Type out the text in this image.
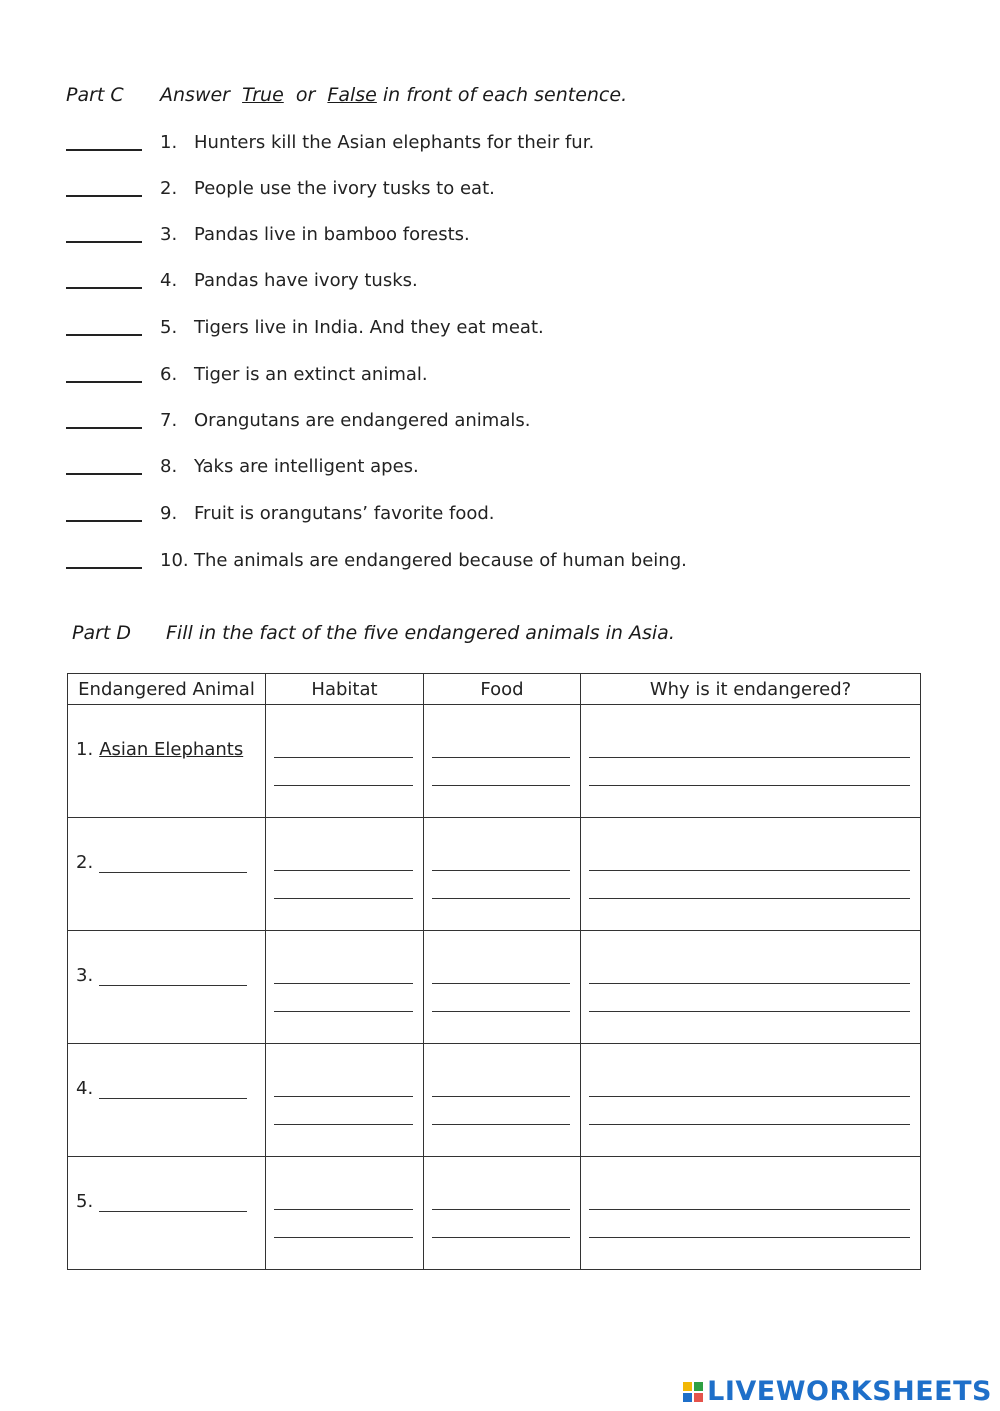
Part C Answer True or False in front of each sentence.
1. Hunters kill the Asian elephants for their fur.
2. People use the ivory tusks to eat.
3. Pandas live in bamboo forests.
4. Pandas have ivory tusks.
5. Tigers live in India. And they eat meat.
6. Tiger is an extinct animal.
7. Orangutans are endangered animals.
8. Yaks are intelligent apes.
9. Fruit is orangutans’ favorite food.
10. The animals are endangered because of human being.
Part D Fill in the fact of the five endangered animals in Asia.
Endangered Animal	Habitat	Food	Why is it endangered?

1. Asian Elephants			

2.			

3.			

4.			

5.			

LIVEWORKSHEETS
